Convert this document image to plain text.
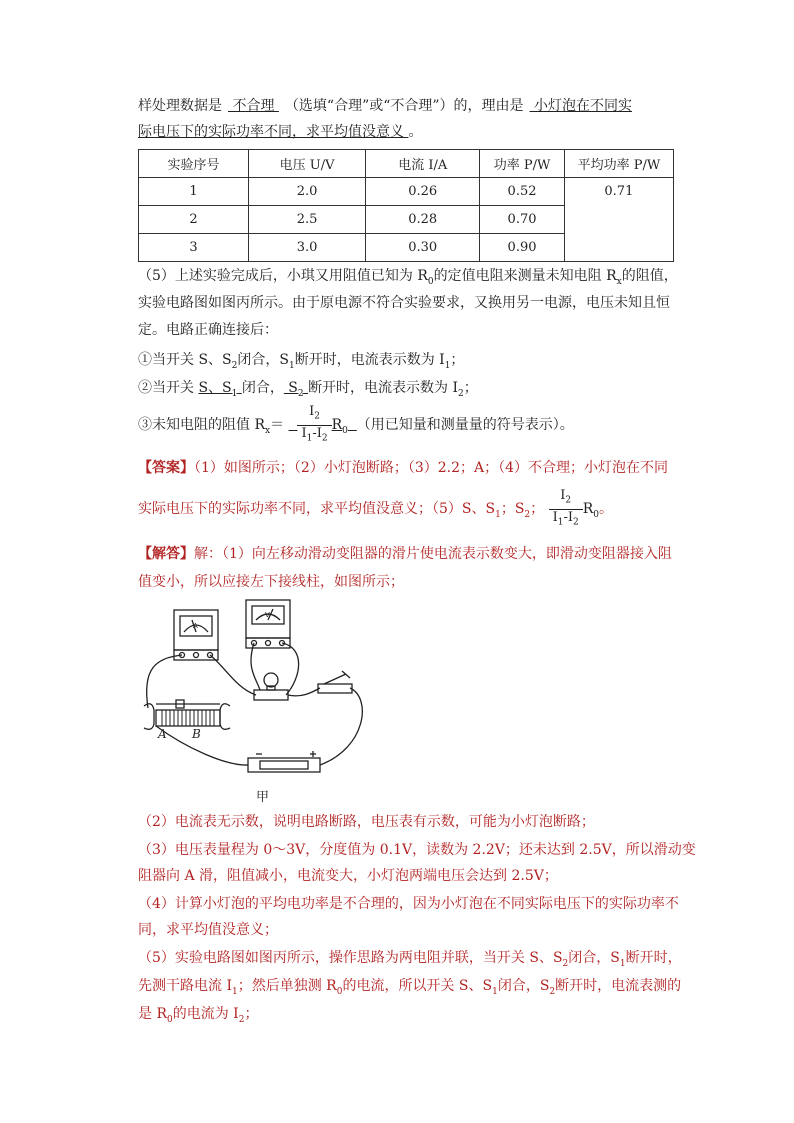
样处理数据是 不合理 （选填“合理”或“不合理”）的，理由是 小灯泡在不同实
际电压下的实际功率不同，求平均值没意义 。
实验序号	电压 U/V	电流 I/A	功率 P/W	平均功率 P/W
1	2.0	0.26	0.52	0.71
2	2.5	0.28	0.70	
3	3.0	0.30	0.90	
（5）上述实验完成后，小琪又用阻值已知为 $R_0$的定值电阻来测量未知电阻 $R_x$的阻值，
实验电路图如图丙所示。由于原电源不符合实验要求，又换用另一电源，电压未知且恒
定。电路正确连接后：
①当开关 S、$S_2$闭合，$S_1$断开时，电流表示数为 $I_1$；
②当开关 S、$S_1$ 闭合， $S_2$ 断开时，电流表示数为 $I_2$；
③未知电阻的阻值 $R_x= \frac{I_2}{I_1-I_2} R_0$ （用已知量和测量量的符号表示）。
【答案】（1）如图所示；（2）小灯泡断路；（3）2.2；A；（4）不合理；小灯泡在不同
实际电压下的实际功率不同，求平均值没意义；（5）S、$S_1$；$S_2$； $\frac{I_2}{I_1-I_2} R_0$。
【解答】解：（1）向左移动滑动变阻器的滑片使电流表示数变大，即滑动变阻器接入阻
值变小，所以应接左下接线柱，如图所示；
A B
A
V
甲
（2）电流表无示数，说明电路断路，电压表有示数，可能为小灯泡断路；
（3）电压表量程为 0～3V，分度值为 0.1V，读数为 2.2V；还未达到 2.5V，所以滑动变
阻器向 A 滑，阻值减小，电流变大，小灯泡两端电压会达到 2.5V；
（4）计算小灯泡的平均电功率是不合理的，因为小灯泡在不同实际电压下的实际功率不
同，求平均值没意义；
（5）实验电路图如图丙所示，操作思路为两电阻并联，当开关 S、$S_2$闭合，$S_1$断开时，
先测干路电流 $I_1$；然后单独测 $R_0$的电流，所以开关 S、$S_1$闭合，$S_2$断开时，电流表测的
是 $R_0$的电流为 $I_2$；
